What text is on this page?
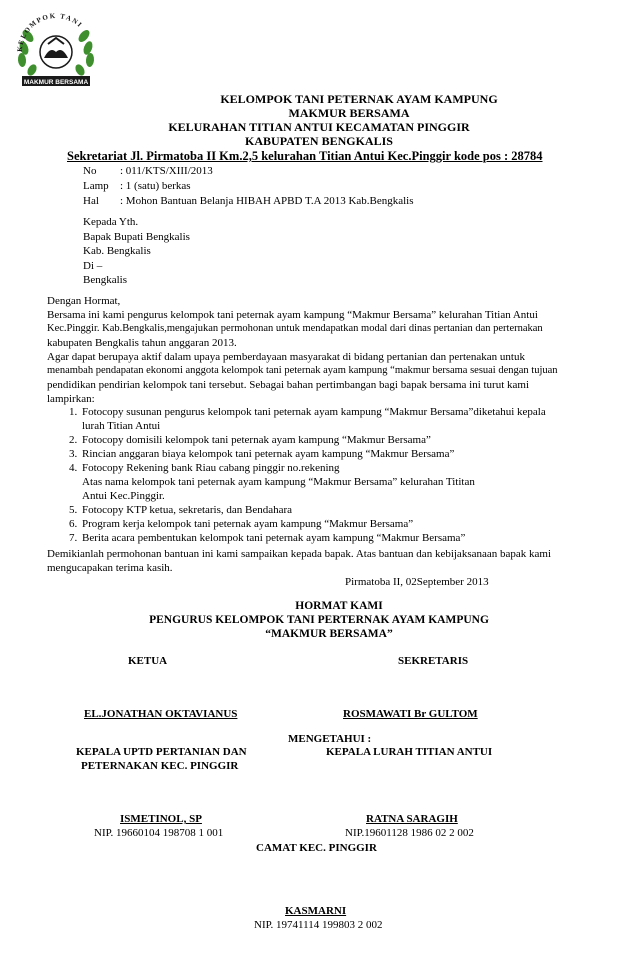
KELOMPOK TANI
MAKMUR BERSAMA
KELOMPOK TANI PETERNAK AYAM KAMPUNG
MAKMUR BERSAMA
KELURAHAN TITIAN ANTUI KECAMATAN PINGGIR
KABUPATEN BENGKALIS
Sekretariat Jl. Pirmatoba II Km.2,5 kelurahan Titian Antui Kec.Pinggir kode pos : 28784
No : 011/KTS/XIII/2013
Lamp : 1 (satu) berkas
Hal : Mohon Bantuan Belanja HIBAH APBD T.A 2013 Kab.Bengkalis
Kepada Yth.
Bapak Bupati Bengkalis
Kab. Bengkalis
Di –
Bengkalis
Dengan Hormat,
Bersama ini kami pengurus kelompok tani peternak ayam kampung “Makmur Bersama” kelurahan Titian Antui
Kec.Pinggir. Kab.Bengkalis,mengajukan permohonan untuk mendapatkan modal dari dinas pertanian dan perternakan
kabupaten Bengkalis tahun anggaran 2013.
Agar dapat berupaya aktif dalam upaya pemberdayaan masyarakat di bidang pertanian dan pertenakan untuk
menambah pendapatan ekonomi anggota kelompok tani peternak ayam kampung “makmur bersama sesuai dengan tujuan
pendidikan pendirian kelompok tani tersebut. Sebagai bahan pertimbangan bagi bapak bersama ini turut kami
lampirkan:
1. Fotocopy susunan pengurus kelompok tani peternak ayam kampung “Makmur Bersama”diketahui kepala
lurah Titian Antui
2. Fotocopy domisili kelompok tani peternak ayam kampung “Makmur Bersama”
3. Rincian anggaran biaya kelompok tani peternak ayam kampung “Makmur Bersama”
4. Fotocopy Rekening bank Riau cabang pinggir no.rekening
Atas nama kelompok tani peternak ayam kampung “Makmur Bersama” kelurahan Tititan
Antui Kec.Pinggir.
5. Fotocopy KTP ketua, sekretaris, dan Bendahara
6. Program kerja kelompok tani peternak ayam kampung “Makmur Bersama”
7. Berita acara pembentukan kelompok tani peternak ayam kampung “Makmur Bersama”
Demikianlah permohonan bantuan ini kami sampaikan kepada bapak. Atas bantuan dan kebijaksanaan bapak kami
mengucapakan terima kasih.
Pirmatoba II, 02September 2013
HORMAT KAMI
PENGURUS KELOMPOK TANI PERTERNAK AYAM KAMPUNG
“MAKMUR BERSAMA”
KETUA	SEKRETARIS
EL.JONATHAN OKTAVIANUS	ROSMAWATI Br GULTOM
MENGETAHUI :
KEPALA UPTD PERTANIAN DAN	KEPALA LURAH TITIAN ANTUI
PETERNAKAN KEC. PINGGIR
ISMETINOL, SP	RATNA SARAGIH
NIP. 19660104 198708 1 001	NIP.19601128 1986 02 2 002
CAMAT KEC. PINGGIR
KASMARNI
NIP. 19741114 199803 2 002
